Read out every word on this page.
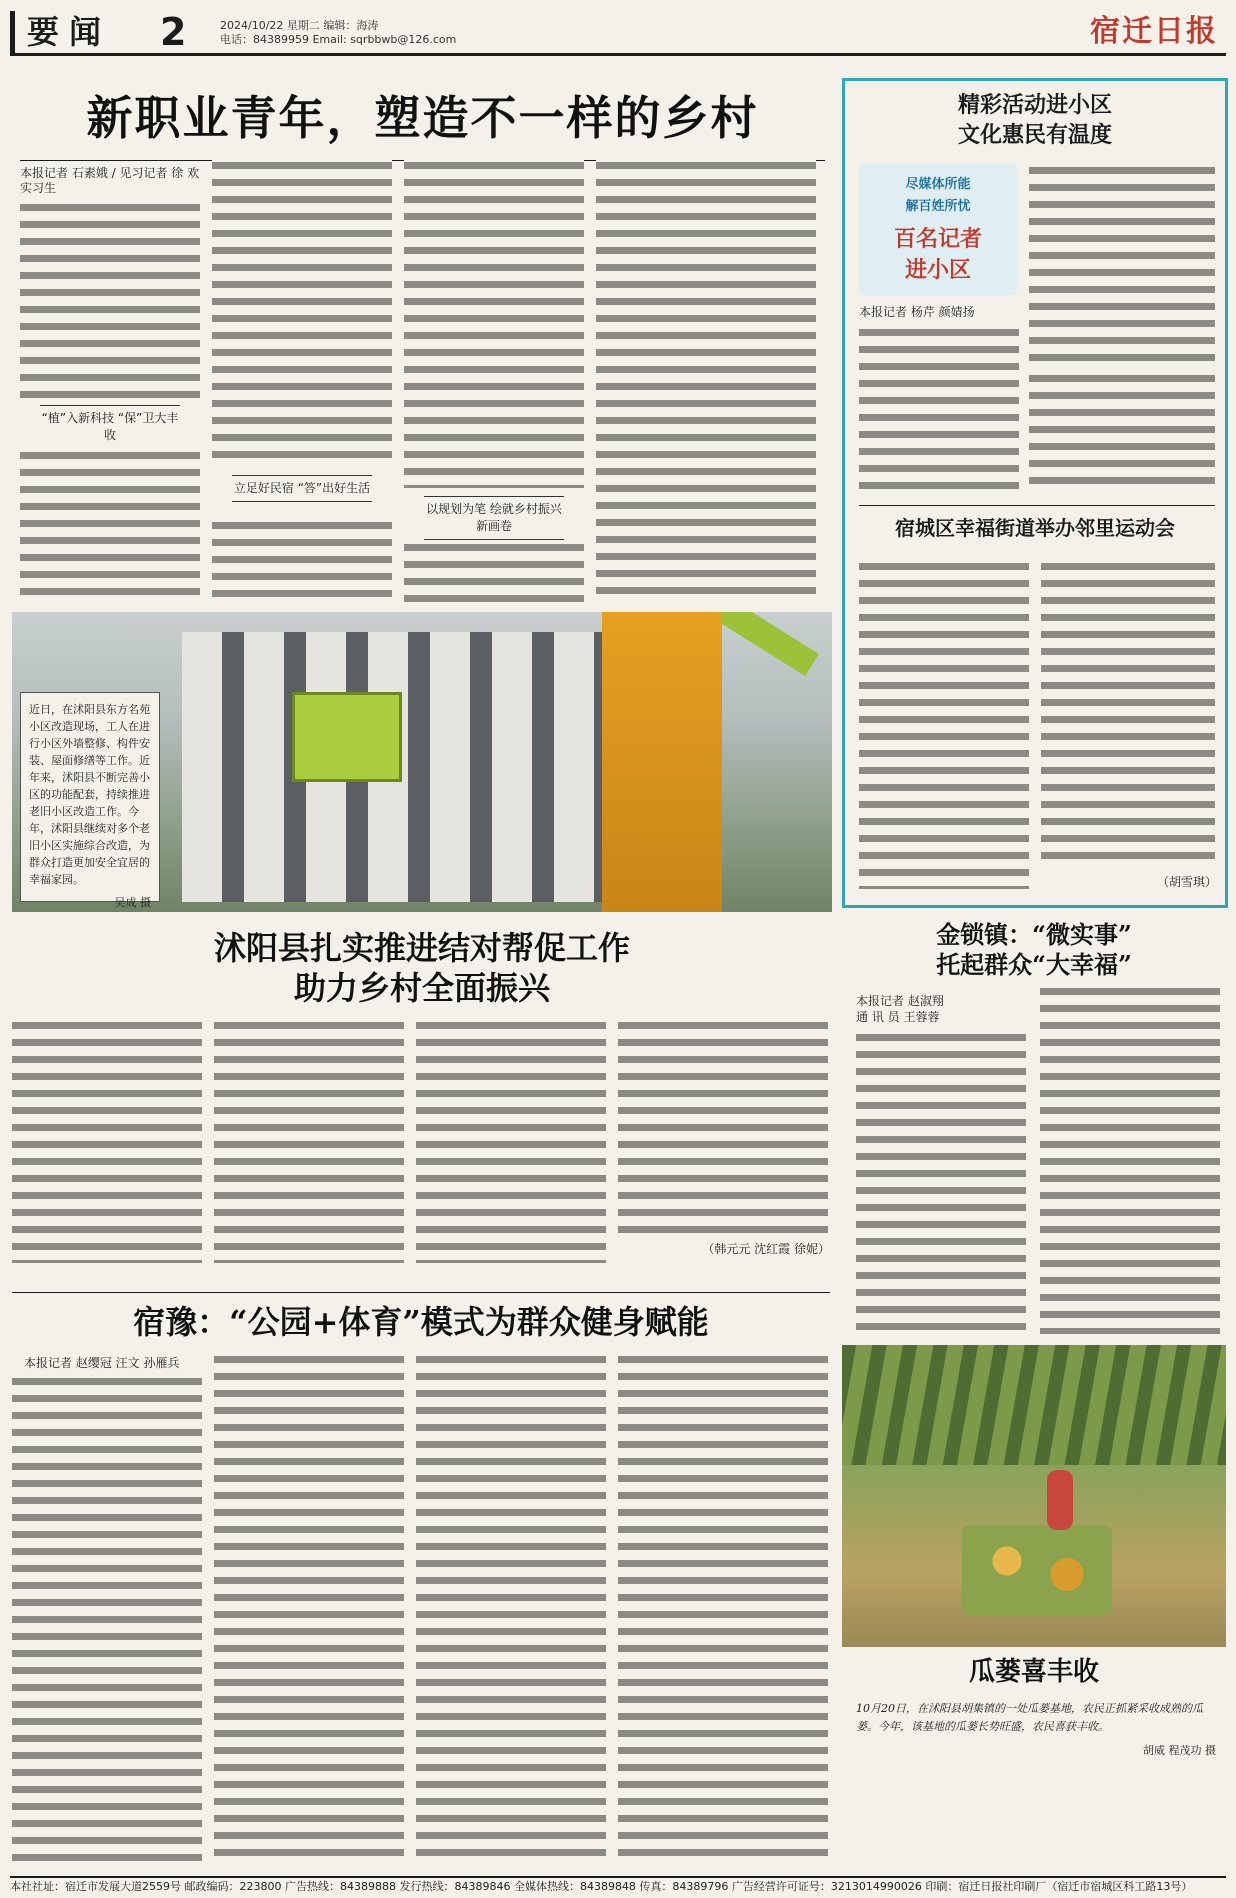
要闻	2	2024/10/22 星期二 编辑：海涛
电话：84389959 Email: sqrbbwb@126.com	宿迁日报
新职业青年，塑造不一样的乡村
本报记者 石素娥 / 见习记者 徐 欢 实习生
“植”入新科技 “保”卫大丰收
立足好民宿 “答”出好生活
以规划为笔 绘就乡村振兴新画卷
精彩活动进小区
文化惠民有温度
尽媒体所能
解百姓所忧
百名记者
进小区
本报记者 杨芹 颜婧扬
宿城区幸福街道举办邻里运动会
（胡雪琪）
近日，在沭阳县东方名苑小区改造现场，工人在进行小区外墙整修、构件安装、屋面修缮等工作。近年来，沭阳县不断完善小区的功能配套，持续推进老旧小区改造工作。今年，沭阳县继续对多个老旧小区实施综合改造，为群众打造更加安全宜居的幸福家园。
吴成 摄
沭阳县扎实推进结对帮促工作
助力乡村全面振兴
（韩元元 沈红霞 徐妮）
金锁镇：“微实事”
托起群众“大幸福”
本报记者 赵淑翔
通 讯 员 王蓉蓉
宿豫：“公园+体育”模式为群众健身赋能
本报记者 赵缨冠 汪文 孙雁兵
瓜蒌喜丰收
10月20日，在沭阳县胡集镇的一处瓜蒌基地，农民正抓紧采收成熟的瓜蒌。今年，该基地的瓜蒌长势旺盛，农民喜获丰收。
胡威 程茂功 摄
本社社址：宿迁市发展大道2559号 邮政编码：223800 广告热线：84389888 发行热线：84389846 全媒体热线：84389848 传真：84389796 广告经营许可证号：3213014990026 印刷：宿迁日报社印刷厂（宿迁市宿城区科工路13号）
